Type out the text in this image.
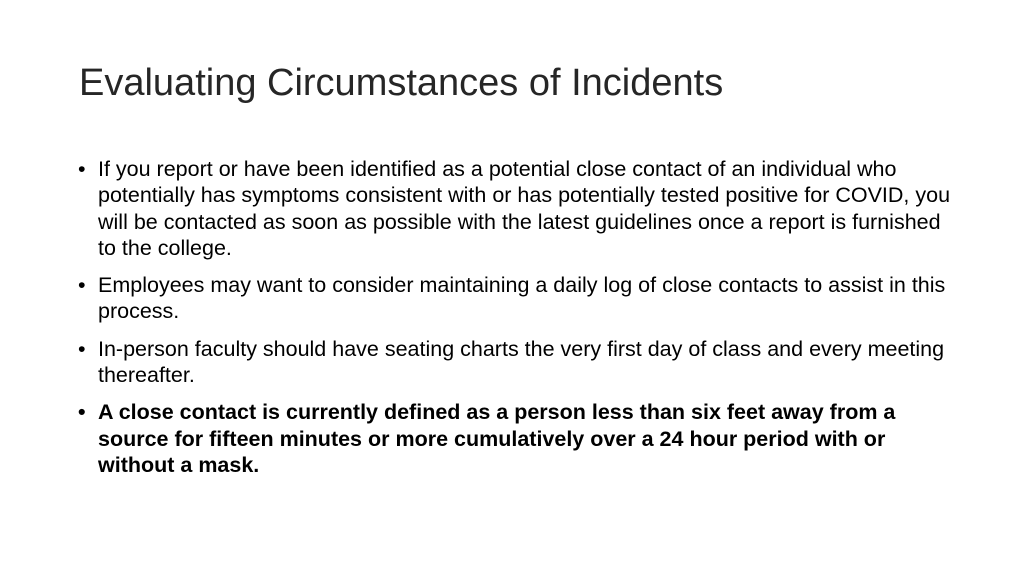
Evaluating Circumstances of Incidents
• If you report or have been identified as a potential close contact of an individual who potentially has symptoms consistent with or has potentially tested positive for COVID, you will be contacted as soon as possible with the latest guidelines once a report is furnished to the college.
• Employees may want to consider maintaining a daily log of close contacts to assist in this process.
• In-person faculty should have seating charts the very first day of class and every meeting thereafter.
• A close contact is currently defined as a person less than six feet away from a source for fifteen minutes or more cumulatively over a 24 hour period with or without a mask.
